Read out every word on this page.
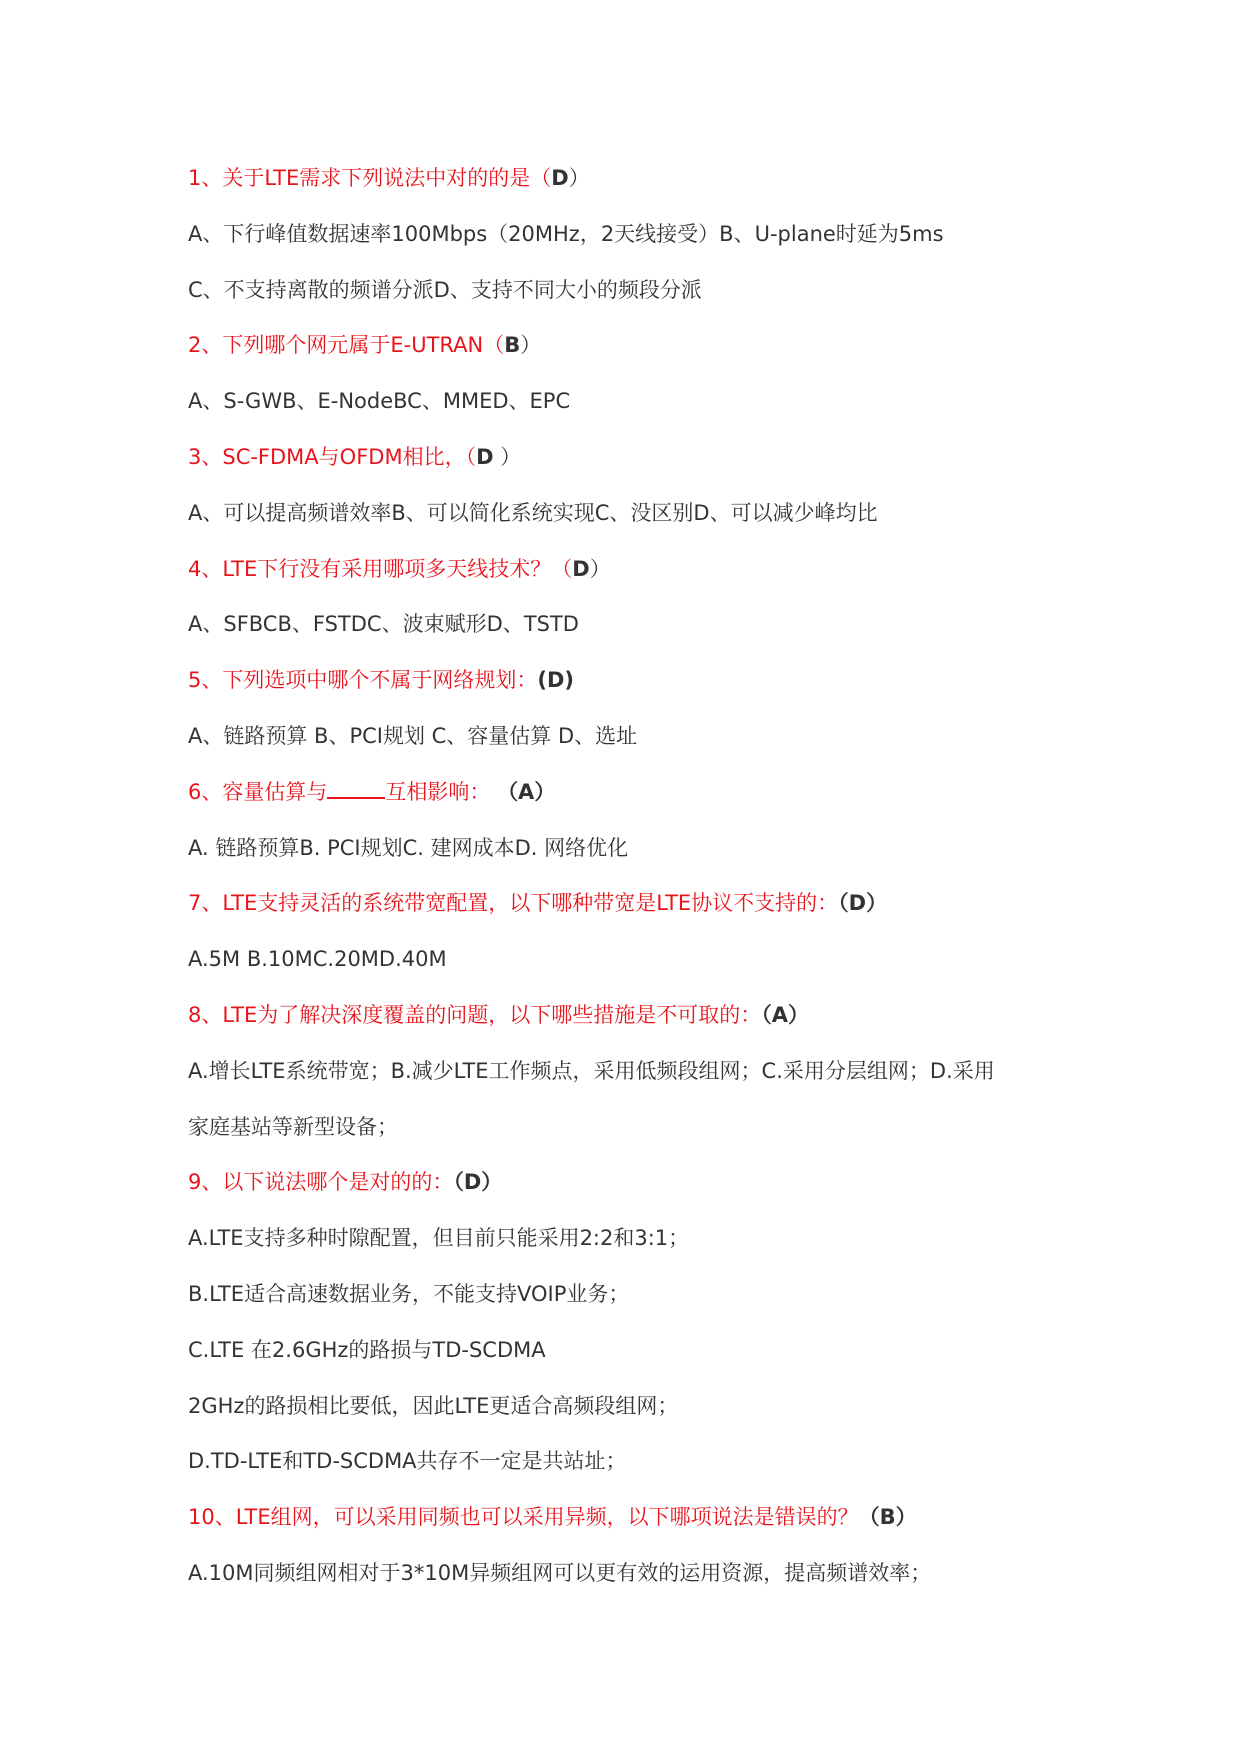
1、关于LTE需求下列说法中对的的是（D）
A、下行峰值数据速率100Mbps（20MHz，2天线接受）B、U-plane时延为5ms
C、不支持离散的频谱分派D、支持不同大小的频段分派
2、下列哪个网元属于E-UTRAN（B）
A、S-GWB、E-NodeBC、MMED、EPC
3、SC-FDMA与OFDM相比，（D ）
A、可以提高频谱效率B、可以简化系统实现C、没区别D、可以减少峰均比
4、LTE下行没有采用哪项多天线技术？（D）
A、SFBCB、FSTDC、波束赋形D、TSTD
5、下列选项中哪个不属于网络规划：(D)
A、链路预算 B、PCI规划 C、容量估算 D、选址
6、容量估算与	互相影响： （A）
A. 链路预算B. PCI规划C. 建网成本D. 网络优化
7、LTE支持灵活的系统带宽配置，以下哪种带宽是LTE协议不支持的：（D）
A.5M B.10MC.20MD.40M
8、LTE为了解决深度覆盖的问题，以下哪些措施是不可取的：（A）
A.增长LTE系统带宽；B.减少LTE工作频点，采用低频段组网；C.采用分层组网；D.采用
家庭基站等新型设备；
9、以下说法哪个是对的的：（D）
A.LTE支持多种时隙配置，但目前只能采用2:2和3:1；
B.LTE适合高速数据业务，不能支持VOIP业务；
C.LTE 在2.6GHz的路损与TD-SCDMA
2GHz的路损相比要低，因此LTE更适合高频段组网；
D.TD-LTE和TD-SCDMA共存不一定是共站址；
10、LTE组网，可以采用同频也可以采用异频，以下哪项说法是错误的？（B）
A.10M同频组网相对于3*10M异频组网可以更有效的运用资源，提高频谱效率；
